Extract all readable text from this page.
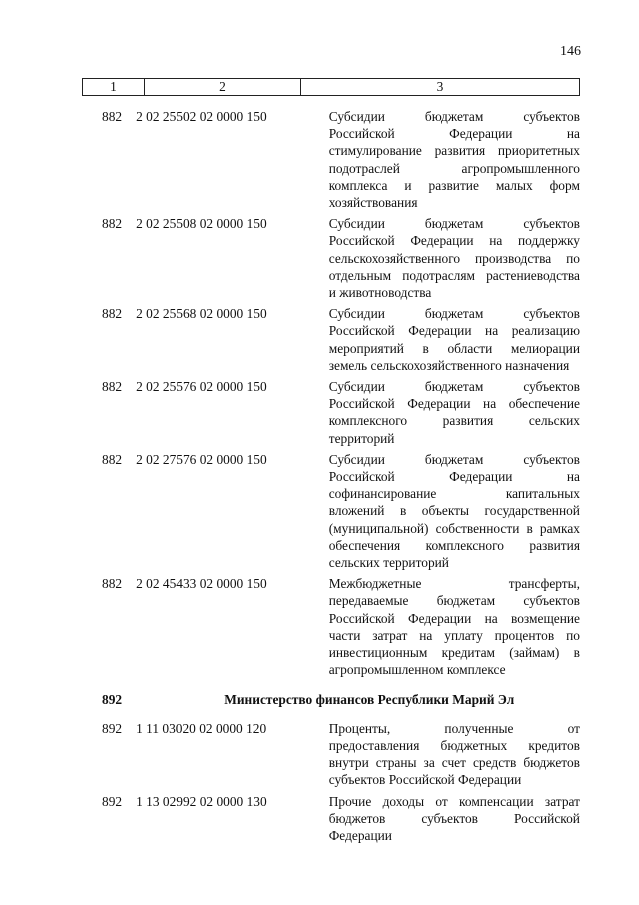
146
1	2	3
882	2 02 25502 02 0000 150	Субсидии бюджетам субъектов
Российской Федерации на
стимулирование развития приоритетных
подотраслей агропромышленного
комплекса и развитие малых форм
хозяйствования
882	2 02 25508 02 0000 150	Субсидии бюджетам субъектов
Российской Федерации на поддержку
сельскохозяйственного производства по
отдельным подотраслям растениеводства
и животноводства
882	2 02 25568 02 0000 150	Субсидии бюджетам субъектов
Российской Федерации на реализацию
мероприятий в области мелиорации
земель сельскохозяйственного назначения
882	2 02 25576 02 0000 150	Субсидии бюджетам субъектов
Российской Федерации на обеспечение
комплексного развития сельских
территорий
882	2 02 27576 02 0000 150	Субсидии бюджетам субъектов
Российской Федерации на
софинансирование капитальных
вложений в объекты государственной
(муниципальной) собственности в рамках
обеспечения комплексного развития
сельских территорий
882	2 02 45433 02 0000 150	Межбюджетные трансферты,
передаваемые бюджетам субъектов
Российской Федерации на возмещение
части затрат на уплату процентов по
инвестиционным кредитам (займам) в
агропромышленном комплексе
892	Министерство финансов Республики Марий Эл
892	1 11 03020 02 0000 120	Проценты, полученные от
предоставления бюджетных кредитов
внутри страны за счет средств бюджетов
субъектов Российской Федерации
892	1 13 02992 02 0000 130	Прочие доходы от компенсации затрат
бюджетов субъектов Российской
Федерации
